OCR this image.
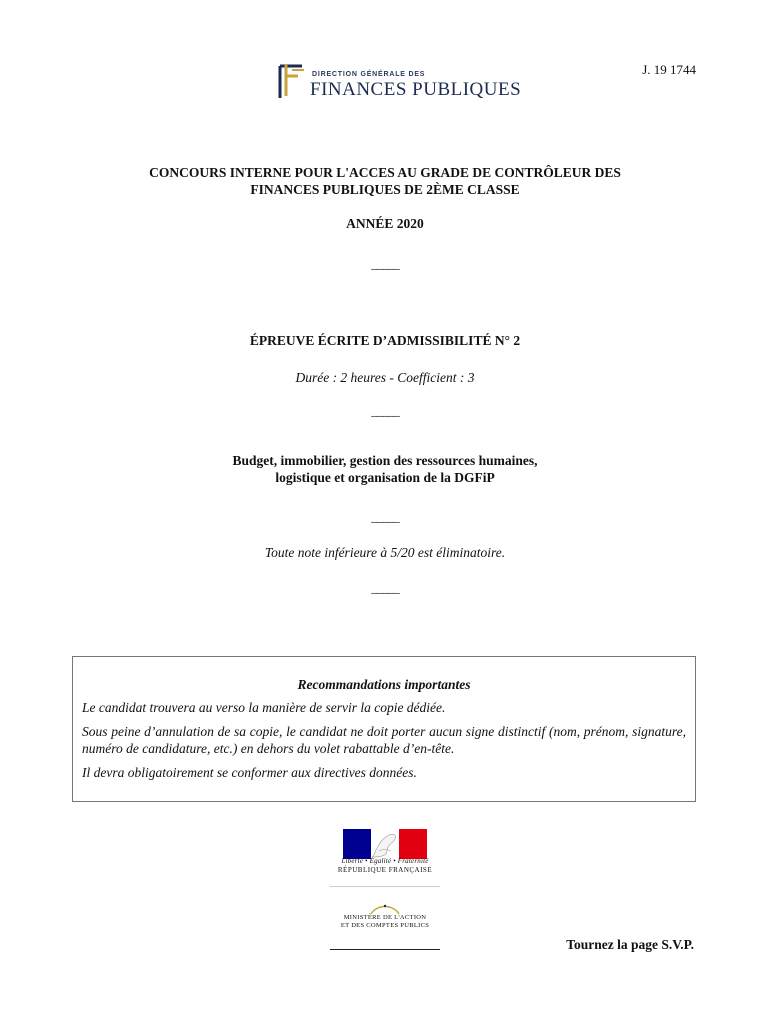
DIRECTION GÉNÉRALE DES
FINANCES PUBLIQUES
J. 19 1744
CONCOURS INTERNE POUR L'ACCES AU GRADE DE CONTRÔLEUR DES
FINANCES PUBLIQUES DE 2ÈME CLASSE
ANNÉE 2020
_____
ÉPREUVE ÉCRITE D’ADMISSIBILITÉ N° 2
Durée : 2 heures - Coefficient : 3
_____
Budget, immobilier, gestion des ressources humaines,
logistique et organisation de la DGFiP
_____
Toute note inférieure à 5/20 est éliminatoire.
_____
Recommandations importantes

Le candidat trouvera au verso la manière de servir la copie dédiée.

Sous peine d’annulation de sa copie, le candidat ne doit porter aucun signe distinctif (nom, prénom, signature, numéro de candidature, etc.) en dehors du volet rabattable d’en-tête.

Il devra obligatoirement se conformer aux directives données.

Liberté • Égalité • Fraternité
RÉPUBLIQUE FRANÇAISE
MINISTÈRE DE L'ACTION
ET DES COMPTES PUBLICS
Tournez la page S.V.P.
